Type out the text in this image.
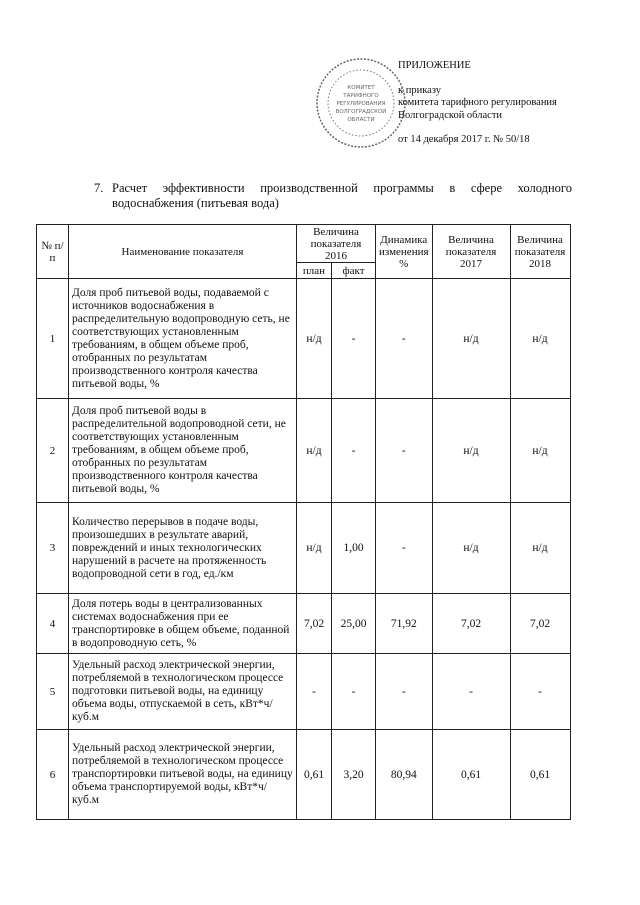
КОМИТЕТ
ТАРИФНОГО
РЕГУЛИРОВАНИЯ
ВОЛГОГРАДСКОЙ
ОБЛАСТИ
ПРИЛОЖЕНИЕ
к приказу
комитета тарифного регулирования
Волгоградской области
от 14 декабря 2017 г. № 50/18
7. Расчет эффективности производственной программы в сфере холодного водоснабжения (питьевая вода)
№ п/п	Наименование показателя	Величина показателя 2016		Динамика изменения %	Величина показателя 2017	Величина показателя 2018
		план	факт			
1	Доля проб питьевой воды, подаваемой с источников водоснабжения в распределительную водопроводную сеть, не соответствующих установленным требованиям, в общем объеме проб, отобранных по результатам производственного контроля качества питьевой воды, %	н/д	-	-	н/д	н/д
2	Доля проб питьевой воды в распределительной водопроводной сети, не соответствующих установленным требованиям, в общем объеме проб, отобранных по результатам производственного контроля качества питьевой воды, %	н/д	-	-	н/д	н/д
3	Количество перерывов в подаче воды, произошедших в результате аварий, повреждений и иных технологических нарушений в расчете на протяженность водопроводной сети в год, ед./км	н/д	1,00	-	н/д	н/д
4	Доля потерь воды в централизованных системах водоснабжения при ее транспортировке в общем объеме, поданной в водопроводную сеть, %	7,02	25,00	71,92	7,02	7,02
5	Удельный расход электрической энергии, потребляемой в технологическом процессе подготовки питьевой воды, на единицу объема воды, отпускаемой в сеть, кВт*ч/куб.м	-	-	-	-	-
6	Удельный расход электрической энергии, потребляемой в технологическом процессе транспортировки питьевой воды, на единицу объема транспортируемой воды, кВт*ч/куб.м	0,61	3,20	80,94	0,61	0,61
